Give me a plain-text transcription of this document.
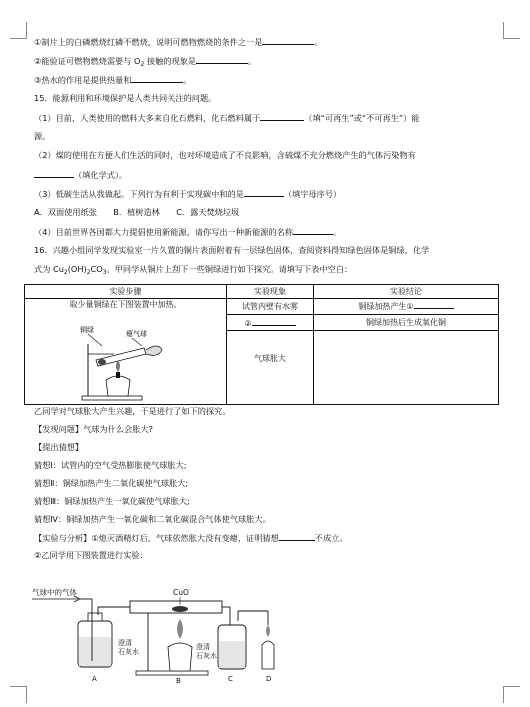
①制片上的白磷燃烧红磷不燃烧，说明可燃物燃烧的条件之一是	。
②能验证可燃物燃烧需要与 $O_2$ 接触的现象是	。
③热水的作用是提供热量和	。
15．能源利用和环境保护是人类共同关注的问题。
（1）目前，人类使用的燃料大多来自化石燃料，化石燃料属于	（填“可再生”或“不可再生”）能
源。
（2）煤的使用在方便人们生活的同时，也对环境造成了不良影响，含硫煤不充分燃烧产生的气体污染物有
（填化学式）。
（3）低碳生活从我做起。下列行为有利于实现碳中和的是	（填字母序号）
A．双面使用纸张　　B．植树造林　　C．露天焚烧垃圾
（4）目前世界各国都大力提倡使用新能源，请你写出一种新能源的名称	。
16．兴趣小组同学发现实验室一片久置的铜片表面附着有一层绿色固体，查阅资料得知绿色固体是铜绿，化学
式为 $Cu_2(OH)_2CO_3$。甲同学从铜片上刮下一些铜绿进行如下探究。请填写下表中空白：
实验步骤	实验现象	实验结论

取少量铜绿在下图装置中加热。
铜绿 瘪气球	试管内壁有水雾	铜绿加热产生①
	②	铜绿加热后生成氧化铜
	气球胀大	
乙同学对气球胀大产生兴趣，于是进行了如下的探究。
【发现问题】气球为什么会胀大?
【提出猜想】
猜想Ⅰ：试管内的空气受热膨胀使气球胀大;
猜想Ⅱ：铜绿加热产生二氧化碳使气球胀大;
猜想Ⅲ：铜绿加热产生一氧化碳使气球胀大;
猜想Ⅳ：铜绿加热产生一氧化碳和二氧化碳混合气体使气球胀大。
【实验与分析】①熄灭酒精灯后，气球依然胀大没有变瘪，证明猜想	不成立。
②乙同学用下图装置进行实验：
气球中的气体
澄清石灰水
A
CuO
B
澄清石灰水
C	D
